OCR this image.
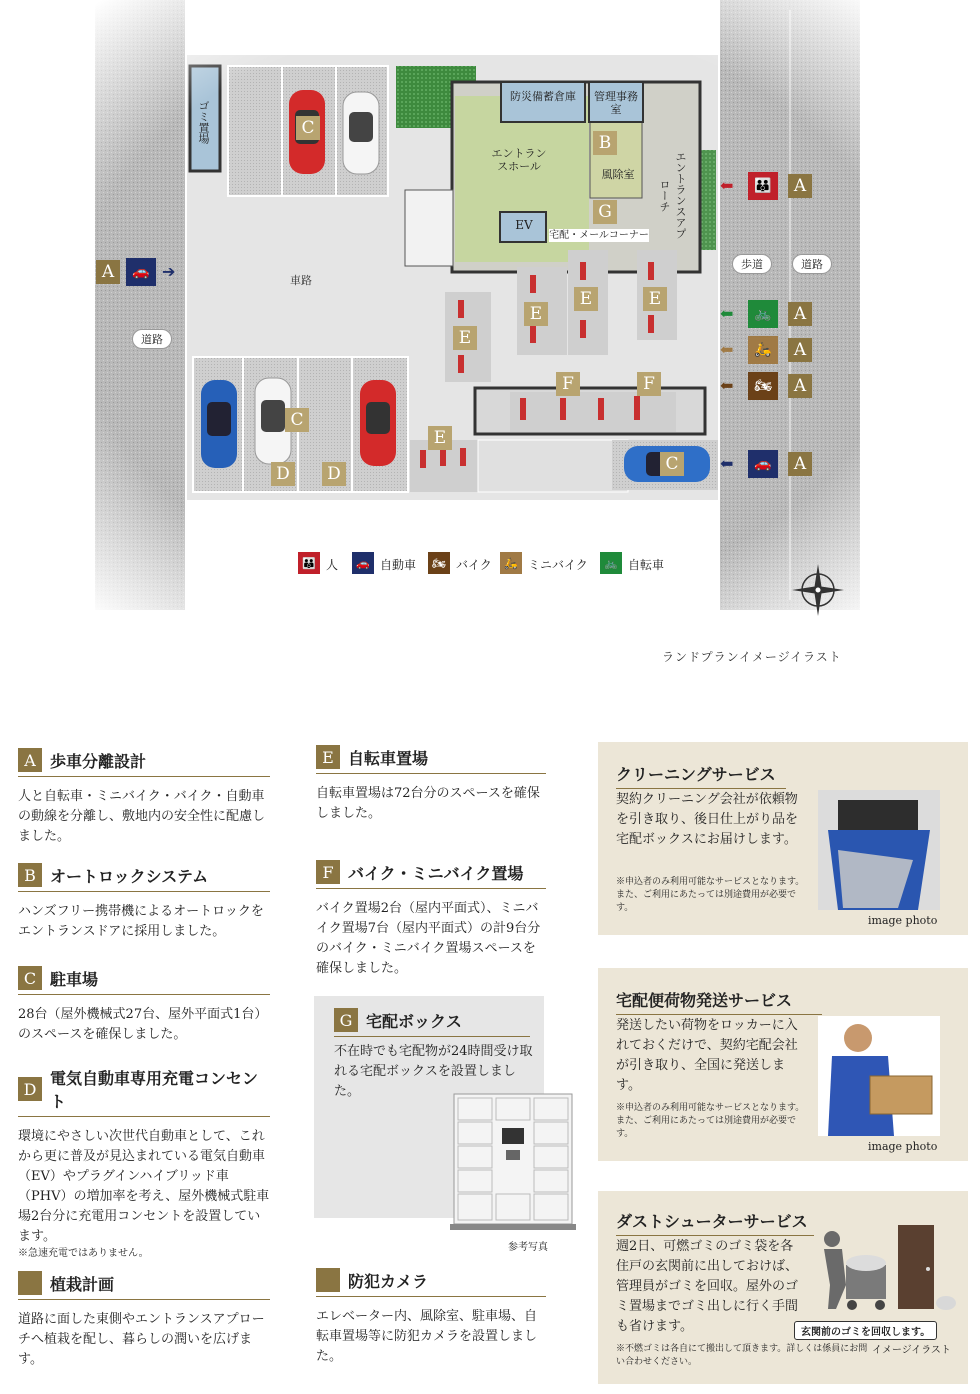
ゴミ置場
防災備蓄倉庫	管理事務室
エントランスホール
風除室	エントランスアプローチ
EV
宅配・メールコーナー
車路
道路
歩道	道路
C
B
G
E
E
E	E
F	F
E
C
D	D	C
A	🚗 ➔
⬅	👪	A
⬅	🚲	A
⬅	🛵	A
⬅	🏍	A
⬅	🚗	A
👪 人	🚗 自動車	🏍 バイク	🛵 ミニバイク	🚲 自転車
ランドプランイメージイラスト
A 歩車分離設計
人と自転車・ミニバイク・バイク・自動車の動線を分離し、敷地内の安全性に配慮しました。
B オートロックシステム
ハンズフリー携帯機によるオートロックをエントランスドアに採用しました。
C 駐車場
28台（屋外機械式27台、屋外平面式1台）のスペースを確保しました。
D
電気自動車専用充電コンセント
環境にやさしい次世代自動車として、これから更に普及が見込まれている電気自動車（EV）やプラグインハイブリッド車（PHV）の増加率を考え、屋外機械式駐車場2台分に充電用コンセントを設置しています。
※急速充電ではありません。
植栽計画
道路に面した東側やエントランスアプローチへ植栽を配し、暮らしの潤いを広げます。
E 自転車置場
自転車置場は72台分のスペースを確保しました。
F バイク・ミニバイク置場
バイク置場2台（屋内平面式）、ミニバイク置場7台（屋内平面式）の計9台分のバイク・ミニバイク置場スペースを確保しました。
G 宅配ボックス
不在時でも宅配物が24時間受け取れる宅配ボックスを設置しました。
参考写真
防犯カメラ
エレベーター内、風除室、駐車場、自転車置場等に防犯カメラを設置しました。
クリーニングサービス
契約クリーニング会社が依頼物を引き取り、後日仕上がり品を宅配ボックスにお届けします。
※申込者のみ利用可能なサービスとなります。また、ご利用にあたっては別途費用が必要です。
image photo
宅配便荷物発送サービス
発送したい荷物をロッカーに入れておくだけで、契約宅配会社が引き取り、全国に発送します。
※申込者のみ利用可能なサービスとなります。また、ご利用にあたっては別途費用が必要です。
image photo
ダストシューターサービス
週2日、可燃ゴミのゴミ袋を各住戸の玄関前に出しておけば、管理員がゴミを回収。屋外のゴミ置場までゴミ出しに行く手間も省けます。
※不燃ゴミは各自にて搬出して頂きます。詳しくは係員にお問い合わせください。
玄関前のゴミを回収します。
イメージイラスト
